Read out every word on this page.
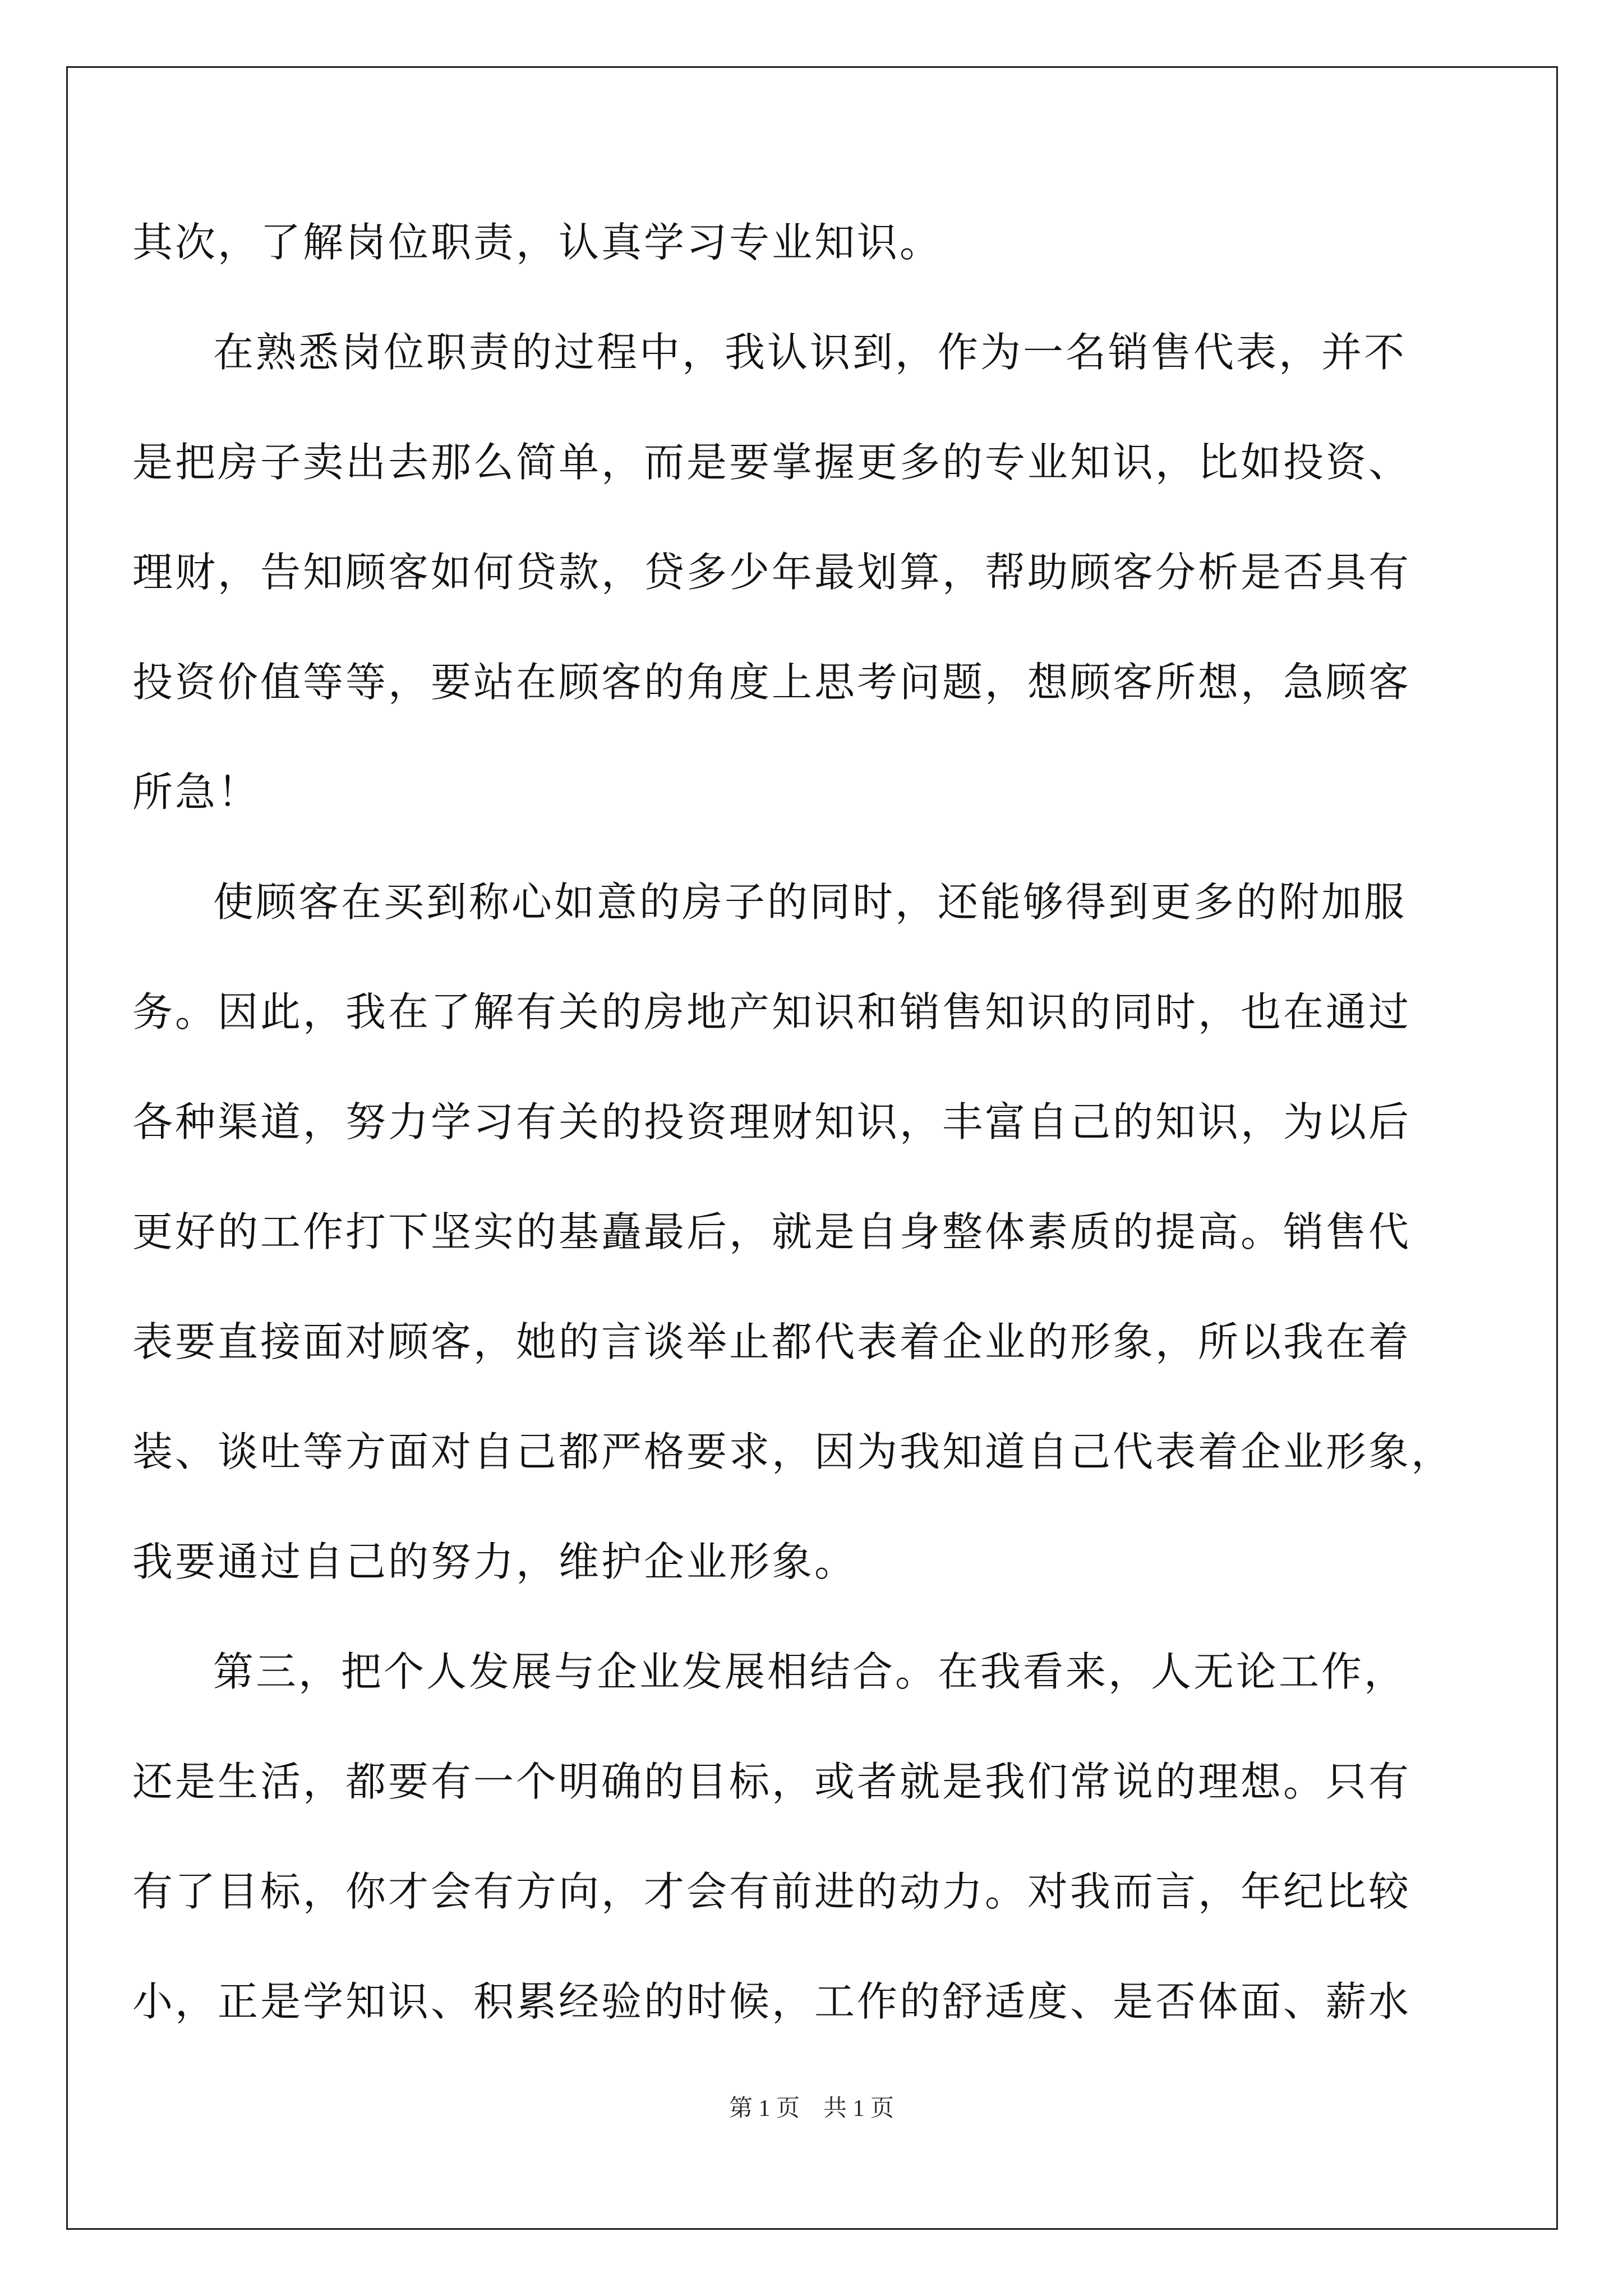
其次，了解岗位职责，认真学习专业知识。
在熟悉岗位职责的过程中，我认识到，作为一名销售代表，并不
是把房子卖出去那么简单，而是要掌握更多的专业知识，比如投资、
理财，告知顾客如何贷款，贷多少年最划算，帮助顾客分析是否具有
投资价值等等，要站在顾客的角度上思考问题，想顾客所想，急顾客
所急！
使顾客在买到称心如意的房子的同时，还能够得到更多的附加服
务。因此，我在了解有关的房地产知识和销售知识的同时，也在通过
各种渠道，努力学习有关的投资理财知识，丰富自己的知识，为以后
更好的工作打下坚实的基矗最后，就是自身整体素质的提高。销售代
表要直接面对顾客，她的言谈举止都代表着企业的形象，所以我在着
装、谈吐等方面对自己都严格要求，因为我知道自己代表着企业形象，
我要通过自己的努力，维护企业形象。
第三，把个人发展与企业发展相结合。在我看来，人无论工作，
还是生活，都要有一个明确的目标，或者就是我们常说的理想。只有
有了目标，你才会有方向，才会有前进的动力。对我而言，年纪比较
小，正是学知识、积累经验的时候，工作的舒适度、是否体面、薪水
第 1 页　共 1 页
